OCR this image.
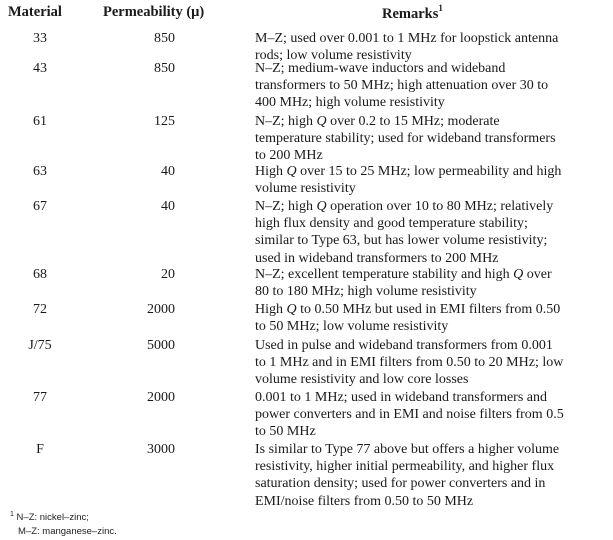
Material	Permeability (μ)	Remarks$^1$
33	850	M–Z; used over 0.001 to 1 MHz for loopstick antenna
rods; low volume resistivity
43	850	N–Z; medium-wave inductors and wideband
transformers to 50 MHz; high attenuation over 30 to
400 MHz; high volume resistivity
61	125	N–Z; high Q over 0.2 to 15 MHz; moderate
temperature stability; used for wideband transformers
to 200 MHz
63	40	High Q over 15 to 25 MHz; low permeability and high
volume resistivity
67	40	N–Z; high Q operation over 10 to 80 MHz; relatively
high flux density and good temperature stability;
similar to Type 63, but has lower volume resistivity;
used in wideband transformers to 200 MHz
68	20	N–Z; excellent temperature stability and high Q over
80 to 180 MHz; high volume resistivity
72	2000	High Q to 0.50 MHz but used in EMI filters from 0.50
to 50 MHz; low volume resistivity
J/75	5000	Used in pulse and wideband transformers from 0.001
to 1 MHz and in EMI filters from 0.50 to 20 MHz; low
volume resistivity and low core losses
77	2000	0.001 to 1 MHz; used in wideband transformers and
power converters and in EMI and noise filters from 0.5
to 50 MHz
F	3000	Is similar to Type 77 above but offers a higher volume
resistivity, higher initial permeability, and higher flux
saturation density; used for power converters and in
EMI/noise filters from 0.50 to 50 MHz
$^1$ N–Z: nickel–zinc;
M–Z: manganese–zinc.
